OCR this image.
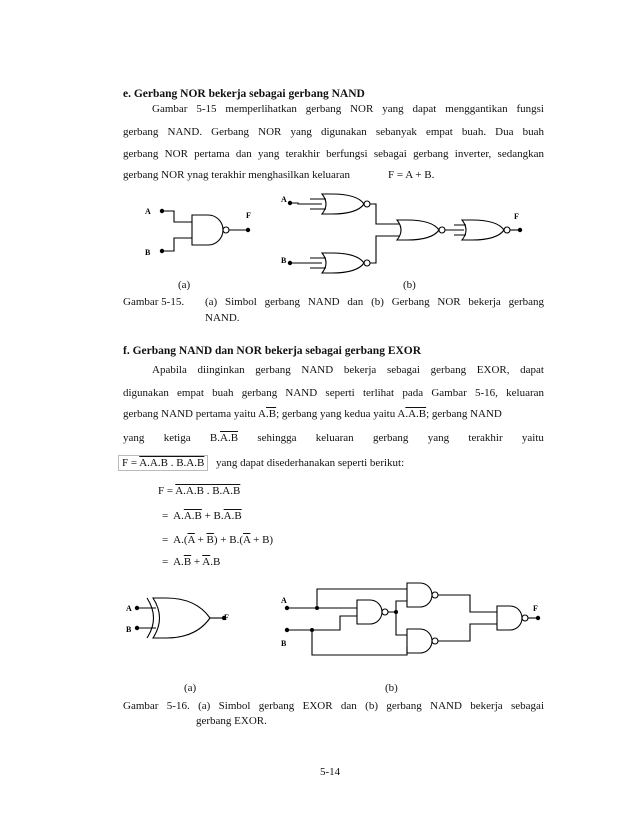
e. Gerbang NOR bekerja sebagai gerbang NAND
Gambar 5-15 memperlihatkan gerbang NOR yang dapat menggantikan fungsi
gerbang NAND. Gerbang NOR yang digunakan sebanyak empat buah. Dua buah
gerbang NOR pertama dan yang terakhir berfungsi sebagai gerbang inverter, sedangkan
gerbang NOR ynag terakhir menghasilkan keluaran	F = A + B.
A
B
F
A
B
F
A
B
F
A
B
F
(a)	(b)
Gambar 5-15. (a) Simbol gerbang NAND dan (b) Gerbang NOR bekerja gerbang
NAND.
f. Gerbang NAND dan NOR bekerja sebagai gerbang EXOR
Apabila diinginkan gerbang NAND bekerja sebagai gerbang EXOR, dapat
digunakan empat buah gerbang NAND seperti terlihat pada Gambar 5-16, keluaran
gerbang NAND pertama yaitu A.B; gerbang yang kedua yaitu A.A.B; gerbang NAND
yang ketiga B.A.B sehingga keluaran gerbang yang terakhir yaitu
F = A.A.B . B.A.B	yang dapat disederhanakan seperti berikut:
F = A.A.B . B.A.B
=  A.A.B + B.A.B
= $A.(\overline{A} + \overline{B}) + B.(\overline{A} + B)$
=  $A.\overline{B} + \overline{A}.B$
(a)	(b)
Gambar 5-16. (a) Simbol gerbang EXOR dan (b) gerbang NAND bekerja sebagai
gerbang EXOR.
5-14
